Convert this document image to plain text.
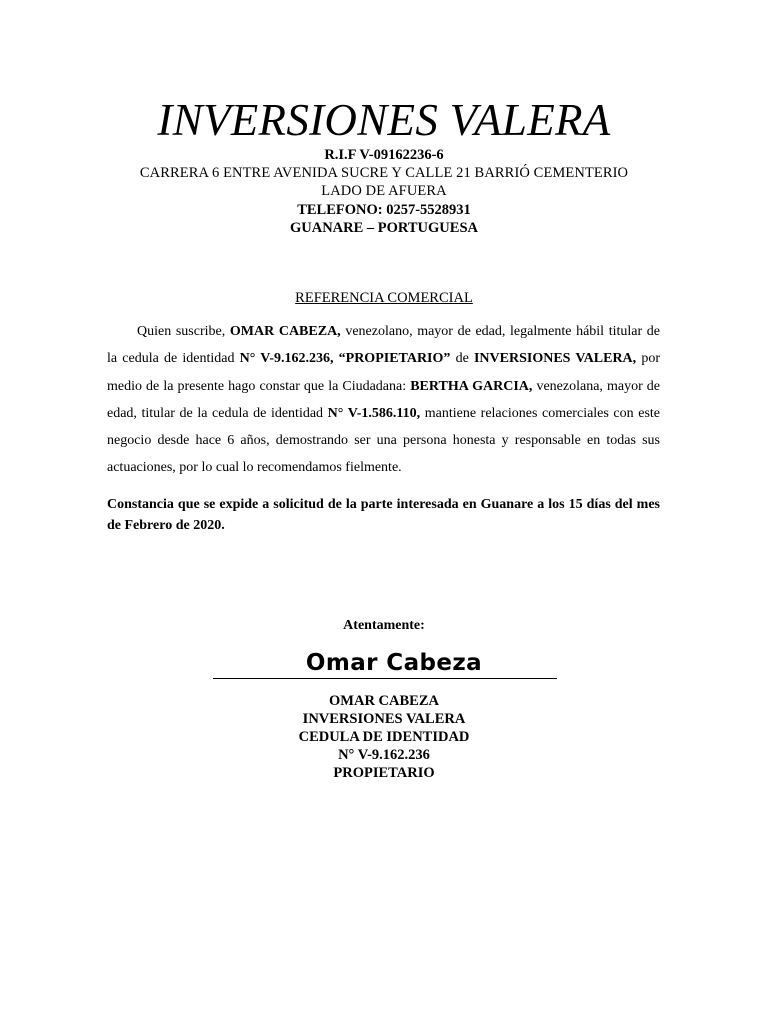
INVERSIONES VALERA
R.I.F V-09162236-6
CARRERA 6 ENTRE AVENIDA SUCRE Y CALLE 21 BARRIÓ CEMENTERIO
LADO DE AFUERA
TELEFONO: 0257-5528931
GUANARE – PORTUGUESA
REFERENCIA COMERCIAL
Quien suscribe, OMAR CABEZA, venezolano, mayor de edad, legalmente hábil titular de la cedula de identidad N° V-9.162.236, “PROPIETARIO” de INVERSIONES VALERA, por medio de la presente hago constar que la Ciudadana: BERTHA GARCIA, venezolana, mayor de edad, titular de la cedula de identidad N° V-1.586.110, mantiene relaciones comerciales con este negocio desde hace 6 años, demostrando ser una persona honesta y responsable en todas sus actuaciones, por lo cual lo recomendamos fielmente.
Constancia que se expide a solicitud de la parte interesada en Guanare a los 15 días del mes de Febrero de 2020.
Atentamente:
Omar Cabeza
OMAR CABEZA
INVERSIONES VALERA
CEDULA DE IDENTIDAD
N° V-9.162.236
PROPIETARIO
